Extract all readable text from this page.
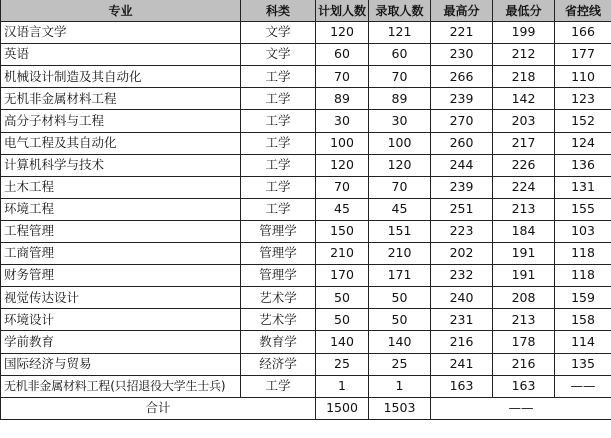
专业	科类	计划人数	录取人数	最高分	最低分	省控线
汉语言文学	文学	120	121	221	199	166
英语	文学	60	60	230	212	177
机械设计制造及其自动化	工学	70	70	266	218	110
无机非金属材料工程	工学	89	89	239	142	123
高分子材料与工程	工学	30	30	270	203	152
电气工程及其自动化	工学	100	100	260	217	124
计算机科学与技术	工学	120	120	244	226	136
土木工程	工学	70	70	239	224	131
环境工程	工学	45	45	251	213	155
工程管理	管理学	150	151	223	184	103
工商管理	管理学	210	210	202	191	118
财务管理	管理学	170	171	232	191	118
视觉传达设计	艺术学	50	50	240	208	159
环境设计	艺术学	50	50	231	213	158
学前教育	教育学	140	140	216	178	114
国际经济与贸易	经济学	25	25	241	216	135
无机非金属材料工程(只招退役大学生士兵)	工学	1	1	163	163	——
合计		1500	1503	——		
